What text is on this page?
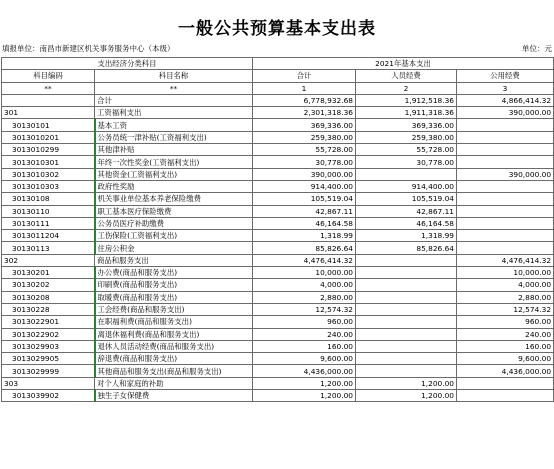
一般公共预算基本支出表
填报单位：南昌市新建区机关事务服务中心（本级）	单位：元
支出经济分类科目		2021年基本支出		
科目编码	科目名称	合计	人员经费	公用经费
**	**	1	2	3
	合计	6,778,932.68	1,912,518.36	4,866,414.32
301	工资福利支出	2,301,318.36	1,911,318.36	390,000.00
30130101	基本工资	369,336.00	369,336.00	
3013010201	公务员统一津补贴(工资福利支出)	259,380.00	259,380.00	
3013010299	其他津补贴	55,728.00	55,728.00	
3013010301	年终一次性奖金(工资福利支出)	30,778.00	30,778.00	
3013010302	其他资金(工资福利支出)	390,000.00		390,000.00
3013010303	政府性奖励	914,400.00	914,400.00	
30130108	机关事业单位基本养老保险缴费	105,519.04	105,519.04	
30130110	职工基本医疗保险缴费	42,867.11	42,867.11	
30130111	公务员医疗补助缴费	46,164.58	46,164.58	
3013011204	工伤保险(工资福利支出)	1,318.99	1,318.99	
30130113	住房公积金	85,826.64	85,826.64	
302	商品和服务支出	4,476,414.32		4,476,414.32
30130201	办公费(商品和服务支出)	10,000.00		10,000.00
30130202	印刷费(商品和服务支出)	4,000.00		4,000.00
30130208	取暖费(商品和服务支出)	2,880.00		2,880.00
30130228	工会经费(商品和服务支出)	12,574.32		12,574.32
3013022901	在职福利费(商品和服务支出)	960.00		960.00
3013022902	离退休福利费(商品和服务支出)	240.00		240.00
3013029903	退休人员活动经费(商品和服务支出)	160.00		160.00
3013029905	辞退费(商品和服务支出)	9,600.00		9,600.00
3013029999	其他商品和服务支出(商品和服务支出)	4,436,000.00		4,436,000.00
303	对个人和家庭的补助	1,200.00	1,200.00	
3013039902	独生子女保健费	1,200.00	1,200.00	
